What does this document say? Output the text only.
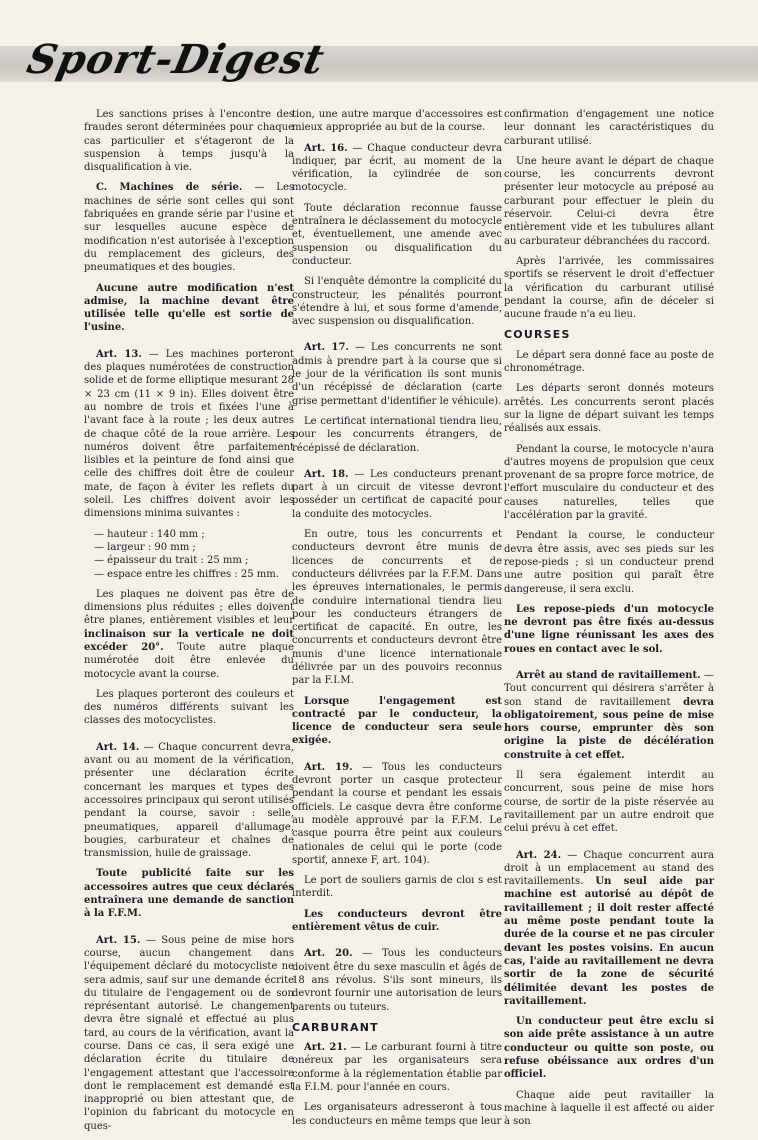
Sport-Digest

Les sanctions prises à l'encontre des fraudes seront déterminées pour chaque cas particulier et s'étageront de la suspension à temps jusqu'à la disqualification à vie.

C. Machines de série. — Les machines de série sont celles qui sont fabriquées en grande série par l'usine et sur lesquelles aucune espèce de modification n'est autorisée à l'exception du remplacement des gicleurs, des pneumatiques et des bougies.

Aucune autre modification n'est admise, la machine devant être utilisée telle qu'elle est sortie de l'usine.

Art. 13. — Les machines porteront des plaques numérotées de construction solide et de forme elliptique mesurant 28 × 23 cm (11 × 9 in). Elles doivent être au nombre de trois et fixées l'une à l'avant face à la route ; les deux autres de chaque côté de la roue arrière. Les numéros doivent être parfaitement lisibles et la peinture de fond ainsi que celle des chiffres doit être de couleur mate, de façon à éviter les reflets du soleil. Les chiffres doivent avoir les dimensions minima suivantes :

— hauteur : 140 mm ;
— largeur : 90 mm ;
— épaisseur du trait : 25 mm ;
— espace entre les chiffres : 25 mm.

Les plaques ne doivent pas être de dimensions plus réduites ; elles doivent être planes, entièrement visibles et leur inclinaison sur la verticale ne doit excéder 20°. Toute autre plaque numérotée doit être enlevée du motocycle avant la course.

Les plaques porteront des couleurs et des numéros différents suivant les classes des motocyclistes.

Art. 14. — Chaque concurrent devra, avant ou au moment de la vérification, présenter une déclaration écrite concernant les marques et types des accessoires principaux qui seront utilisés pendant la course, savoir : selle, pneumatiques, appareil d'allumage, bougies, carburateur et chaînes de transmission, huile de graissage.

Toute publicité faite sur les accessoires autres que ceux déclarés entraînera une demande de sanction à la F.F.M.

Art. 15. — Sous peine de mise hors course, aucun changement dans l'équipement déclaré du motocycliste ne sera admis, sauf sur une demande écrite du titulaire de l'engagement ou de son représentant autorisé. Le changement devra être signalé et effectué au plus tard, au cours de la vérification, avant la course. Dans ce cas, il sera exigé une déclaration écrite du titulaire de l'engagement attestant que l'accessoire dont le remplacement est demandé est inapproprié ou bien attestant que, de l'opinion du fabricant du motocycle en ques-

tion, une autre marque d'accessoires est mieux appropriée au but de la course.

Art. 16. — Chaque conducteur devra indiquer, par écrit, au moment de la vérification, la cylindrée de son motocycle.

Toute déclaration reconnue fausse entraînera le déclassement du motocycle et, éventuellement, une amende avec suspension ou disqualification du conducteur.

Si l'enquête démontre la complicité du constructeur, les pénalités pourront s'étendre à lui, et sous forme d'amende, avec suspension ou disqualification.

Art. 17. — Les concurrents ne sont admis à prendre part à la course que si le jour de la vérification ils sont munis d'un récépissé de déclaration (carte grise permettant d'identifier le véhicule).

Le certificat international tiendra lieu, pour les concurrents étrangers, de récépissé de déclaration.

Art. 18. — Les conducteurs prenant part à un circuit de vitesse devront posséder un certificat de capacité pour la conduite des motocycles.

En outre, tous les concurrents et conducteurs devront être munis de licences de concurrents et de conducteurs délivrées par la F.F.M. Dans les épreuves internationales, le permis de conduire international tiendra lieu pour les conducteurs étrangers de certificat de capacité. En outre, les concurrents et conducteurs devront être munis d'une licence internationale délivrée par un des pouvoirs reconnus par la F.I.M.

Lorsque l'engagement est contracté par le conducteur, la licence de conducteur sera seule exigée.

Art. 19. — Tous les conducteurs devront porter un casque protecteur pendant la course et pendant les essais officiels. Le casque devra être conforme au modèle approuvé par la F.F.M. Le casque pourra être peint aux couleurs nationales de celui qui le porte (code sportif, annexe F, art. 104).

Le port de souliers garnis de cloı s est interdit.

Les conducteurs devront être entièrement vêtus de cuir.

Art. 20. — Tous les conducteurs doivent être du sexe masculin et âgés de 18 ans révolus. S'ils sont mineurs, ils devront fournir une autorisation de leurs parents ou tuteurs.

CARBURANT

Art. 21. — Le carburant fourni à titre onéreux par les organisateurs sera conforme à la réglementation établie par la F.I.M. pour l'année en cours.

Les organisateurs adresseront à tous les conducteurs en même temps que leur

confirmation d'engagement une notice leur donnant les caractéristiques du carburant utilisé.

Une heure avant le départ de chaque course, les concurrents devront présenter leur motocycle au préposé au carburant pour effectuer le plein du réservoir. Celui-ci devra être entièrement vide et les tubulures allant au carburateur débranchées du raccord.

Après l'arrivée, les commissaires sportifs se réservent le droit d'effectuer la vérification du carburant utilisé pendant la course, afin de déceler si aucune fraude n'a eu lieu.

COURSES

Le départ sera donné face au poste de chronométrage.

Les départs seront donnés moteurs arrêtés. Les concurrents seront placés sur la ligne de départ suivant les temps réalisés aux essais.

Pendant la course, le motocycle n'aura d'autres moyens de propulsion que ceux provenant de sa propre force motrice, de l'effort musculaire du conducteur et des causes naturelles, telles que l'accélération par la gravité.

Pendant la course, le conducteur devra être assis, avec ses pieds sur les repose-pieds ; si un conducteur prend une autre position qui paraît être dangereuse, il sera exclu.

Les repose-pieds d'un motocycle ne devront pas être fixés au-dessus d'une ligne réunissant les axes des roues en contact avec le sol.

Arrêt au stand de ravitaillement. — Tout concurrent qui désirera s'arrêter à son stand de ravitaillement devra obligatoirement, sous peine de mise hors course, emprunter dès son origine la piste de décélération construite à cet effet.

Il sera également interdit au concurrent, sous peine de mise hors course, de sortir de la piste réservée au ravitaillement par un autre endroit que celui prévu à cet effet.

Art. 24. — Chaque concurrent aura droit à un emplacement au stand des ravitaillements. Un seul aide par machine est autorisé au dépôt de ravitaillement ; il doit rester affecté au même poste pendant toute la durée de la course et ne pas circuler devant les postes voisins. En aucun cas, l'aide au ravitaillement ne devra sortir de la zone de sécurité délimitée devant les postes de ravitaillement.

Un conducteur peut être exclu si son aide prête assistance à un autre conducteur ou quitte son poste, ou refuse obéissance aux ordres d'un officiel.

Chaque aide peut ravitailler la machine à laquelle il est affecté ou aider à son
